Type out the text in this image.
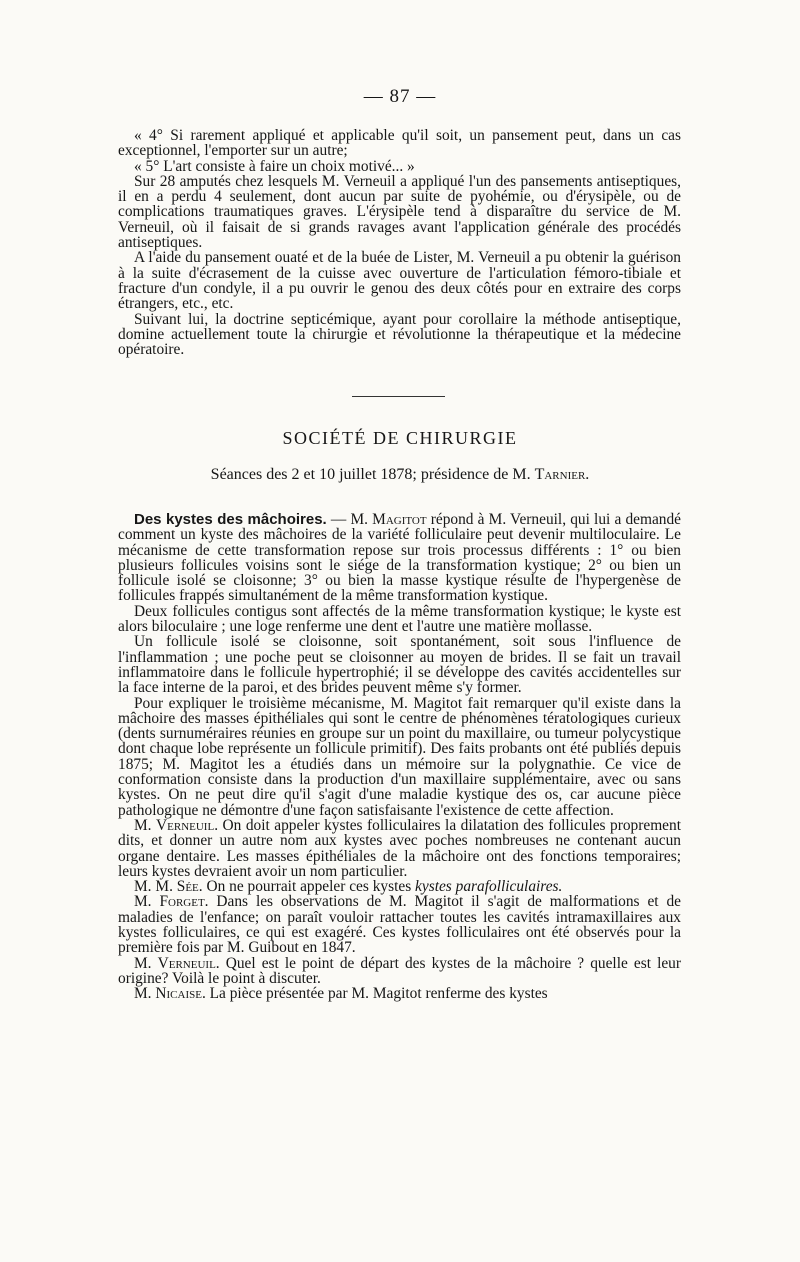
— 87 —

« 4° Si rarement appliqué et applicable qu'il soit, un pansement peut, dans un cas exceptionnel, l'emporter sur un autre;

« 5° L'art consiste à faire un choix motivé... »

Sur 28 amputés chez lesquels M. Verneuil a appliqué l'un des pansements antiseptiques, il en a perdu 4 seulement, dont aucun par suite de pyohémie, ou d'érysipèle, ou de complications traumatiques graves. L'érysipèle tend à disparaître du service de M. Verneuil, où il faisait de si grands ravages avant l'application générale des procédés antiseptiques.

A l'aide du pansement ouaté et de la buée de Lister, M. Verneuil a pu obtenir la guérison à la suite d'écrasement de la cuisse avec ouverture de l'articulation fémoro-tibiale et fracture d'un condyle, il a pu ouvrir le genou des deux côtés pour en extraire des corps étrangers, etc., etc.

Suivant lui, la doctrine septicémique, ayant pour corollaire la méthode antiseptique, domine actuellement toute la chirurgie et révolutionne la thérapeutique et la médecine opératoire.

SOCIÉTÉ DE CHIRURGIE
Séances des 2 et 10 juillet 1878; présidence de M. Tarnier.

Des kystes des mâchoires. — M. Magitot répond à M. Verneuil, qui lui a demandé comment un kyste des mâchoires de la variété folliculaire peut devenir multiloculaire. Le mécanisme de cette transformation repose sur trois processus différents : 1° ou bien plusieurs follicules voisins sont le siége de la transformation kystique; 2° ou bien un follicule isolé se cloisonne; 3° ou bien la masse kystique résulte de l'hypergenèse de follicules frappés simultanément de la même transformation kystique.

Deux follicules contigus sont affectés de la même transformation kystique; le kyste est alors biloculaire ; une loge renferme une dent et l'autre une matière mollasse.

Un follicule isolé se cloisonne, soit spontanément, soit sous l'influence de l'inflammation ; une poche peut se cloisonner au moyen de brides. Il se fait un travail inflammatoire dans le follicule hypertrophié; il se développe des cavités accidentelles sur la face interne de la paroi, et des brides peuvent même s'y former.

Pour expliquer le troisième mécanisme, M. Magitot fait remarquer qu'il existe dans la mâchoire des masses épithéliales qui sont le centre de phénomènes tératologiques curieux (dents surnuméraires réunies en groupe sur un point du maxillaire, ou tumeur polycystique dont chaque lobe représente un follicule primitif). Des faits probants ont été publiés depuis 1875; M. Magitot les a étudiés dans un mémoire sur la polygnathie. Ce vice de conformation consiste dans la production d'un maxillaire supplémentaire, avec ou sans kystes. On ne peut dire qu'il s'agit d'une maladie kystique des os, car aucune pièce pathologique ne démontre d'une façon satisfaisante l'existence de cette affection.

M. Verneuil. On doit appeler kystes folliculaires la dilatation des follicules proprement dits, et donner un autre nom aux kystes avec poches nombreuses ne contenant aucun organe dentaire. Les masses épithéliales de la mâchoire ont des fonctions temporaires; leurs kystes devraient avoir un nom particulier.

M. M. Sée. On ne pourrait appeler ces kystes kystes parafolliculaires.

M. Forget. Dans les observations de M. Magitot il s'agit de malformations et de maladies de l'enfance; on paraît vouloir rattacher toutes les cavités intramaxillaires aux kystes folliculaires, ce qui est exagéré. Ces kystes folliculaires ont été observés pour la première fois par M. Guibout en 1847.

M. Verneuil. Quel est le point de départ des kystes de la mâchoire ? quelle est leur origine? Voilà le point à discuter.

M. Nicaise. La pièce présentée par M. Magitot renferme des kystes
